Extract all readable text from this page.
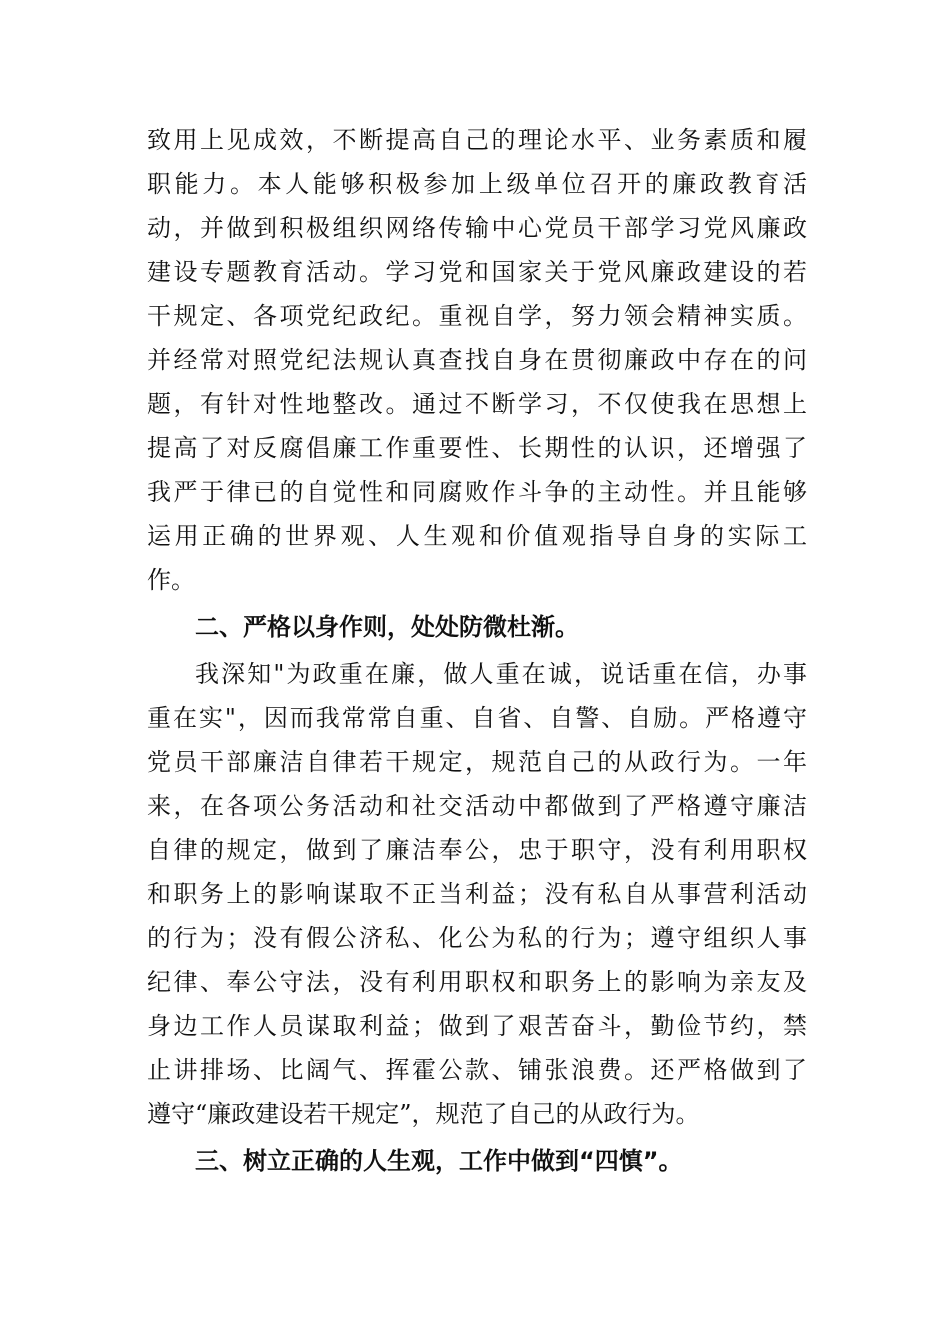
致用上见成效，不断提高自己的理论水平、业务素质和履
职能力。本人能够积极参加上级单位召开的廉政教育活
动，并做到积极组织网络传输中心党员干部学习党风廉政
建设专题教育活动。学习党和国家关于党风廉政建设的若
干规定、各项党纪政纪。重视自学，努力领会精神实质。
并经常对照党纪法规认真查找自身在贯彻廉政中存在的问
题，有针对性地整改。通过不断学习，不仅使我在思想上
提高了对反腐倡廉工作重要性、长期性的认识，还增强了
我严于律已的自觉性和同腐败作斗争的主动性。并且能够
运用正确的世界观、人生观和价值观指导自身的实际工
作。
二、严格以身作则，处处防微杜渐。
我深知"为政重在廉，做人重在诚，说话重在信，办事
重在实"，因而我常常自重、自省、自警、自励。严格遵守
党员干部廉洁自律若干规定，规范自己的从政行为。一年
来，在各项公务活动和社交活动中都做到了严格遵守廉洁
自律的规定，做到了廉洁奉公，忠于职守，没有利用职权
和职务上的影响谋取不正当利益；没有私自从事营利活动
的行为；没有假公济私、化公为私的行为；遵守组织人事
纪律、奉公守法，没有利用职权和职务上的影响为亲友及
身边工作人员谋取利益；做到了艰苦奋斗，勤俭节约，禁
止讲排场、比阔气、挥霍公款、铺张浪费。还严格做到了
遵守“廉政建设若干规定”，规范了自己的从政行为。
三、树立正确的人生观，工作中做到“四慎”。
